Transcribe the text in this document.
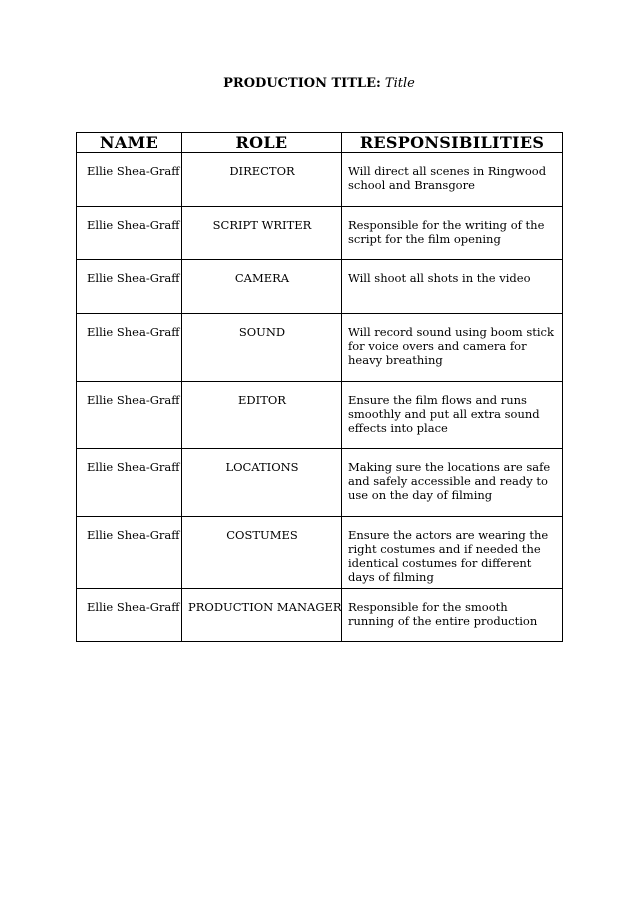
PRODUCTION TITLE: Title
NAME	ROLE	RESPONSIBILITIES
Ellie Shea-Graff	DIRECTOR	Will direct all scenes in Ringwood school and Bransgore
Ellie Shea-Graff	SCRIPT WRITER	Responsible for the writing of the script for the film opening
Ellie Shea-Graff	CAMERA	Will shoot all shots in the video
Ellie Shea-Graff	SOUND	Will record sound using boom stick for voice overs and camera for heavy breathing
Ellie Shea-Graff	EDITOR	Ensure the film flows and runs smoothly and put all extra sound effects into place
Ellie Shea-Graff	LOCATIONS	Making sure the locations are safe and safely accessible and ready to use on the day of filming
Ellie Shea-Graff	COSTUMES	Ensure the actors are wearing the right costumes and if needed the identical costumes for different days of filming
Ellie Shea-Graff	PRODUCTION MANAGER	Responsible for the smooth running of the entire production
